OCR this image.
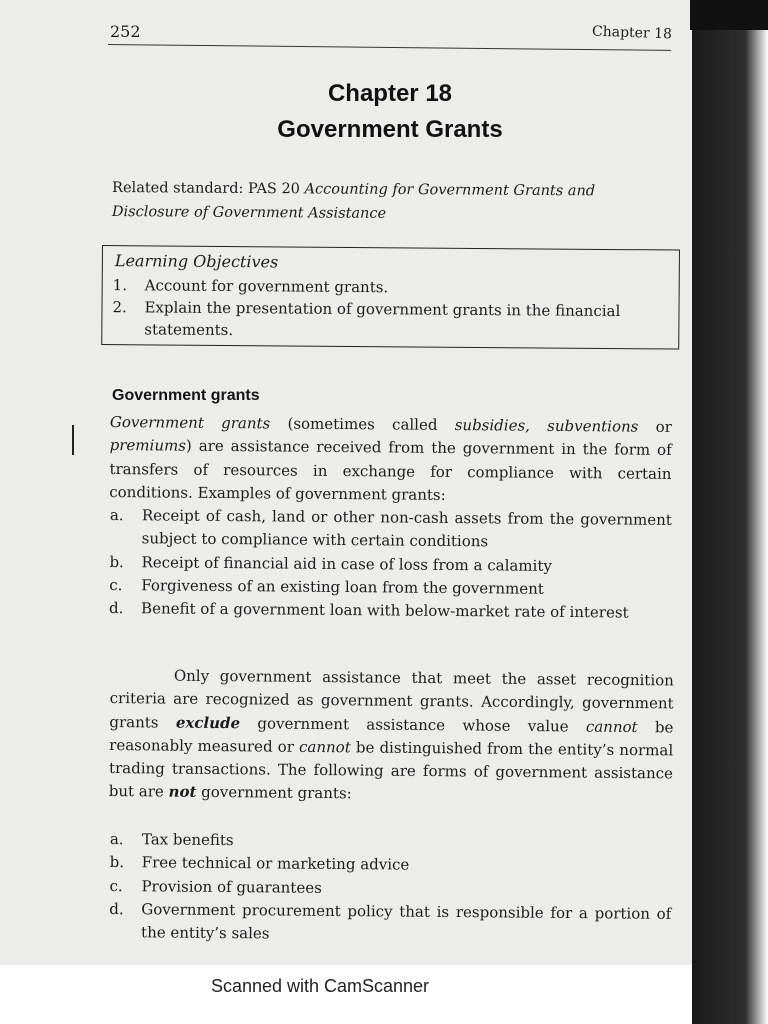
252	Chapter 18
Chapter 18
Government Grants
Related standard: PAS 20 Accounting for Government Grants and Disclosure of Government Assistance
Learning Objectives
1.	Account for government grants.
2.	Explain the presentation of government grants in the financial statements.
Government grants
Government grants (sometimes called subsidies, subventions or premiums) are assistance received from the government in the form of transfers of resources in exchange for compliance with certain conditions. Examples of government grants:
a.	Receipt of cash, land or other non-cash assets from the government subject to compliance with certain conditions
b.	Receipt of financial aid in case of loss from a calamity
c.	Forgiveness of an existing loan from the government
d.	Benefit of a government loan with below-market rate of interest
Only government assistance that meet the asset recognition criteria are recognized as government grants. Accordingly, government grants exclude government assistance whose value cannot be reasonably measured or cannot be distinguished from the entity’s normal trading transactions. The following are forms of government assistance but are not government grants:
a.	Tax benefits
b.	Free technical or marketing advice
c.	Provision of guarantees
d.	Government procurement policy that is responsible for a portion of the entity’s sales
Scanned with CamScanner
